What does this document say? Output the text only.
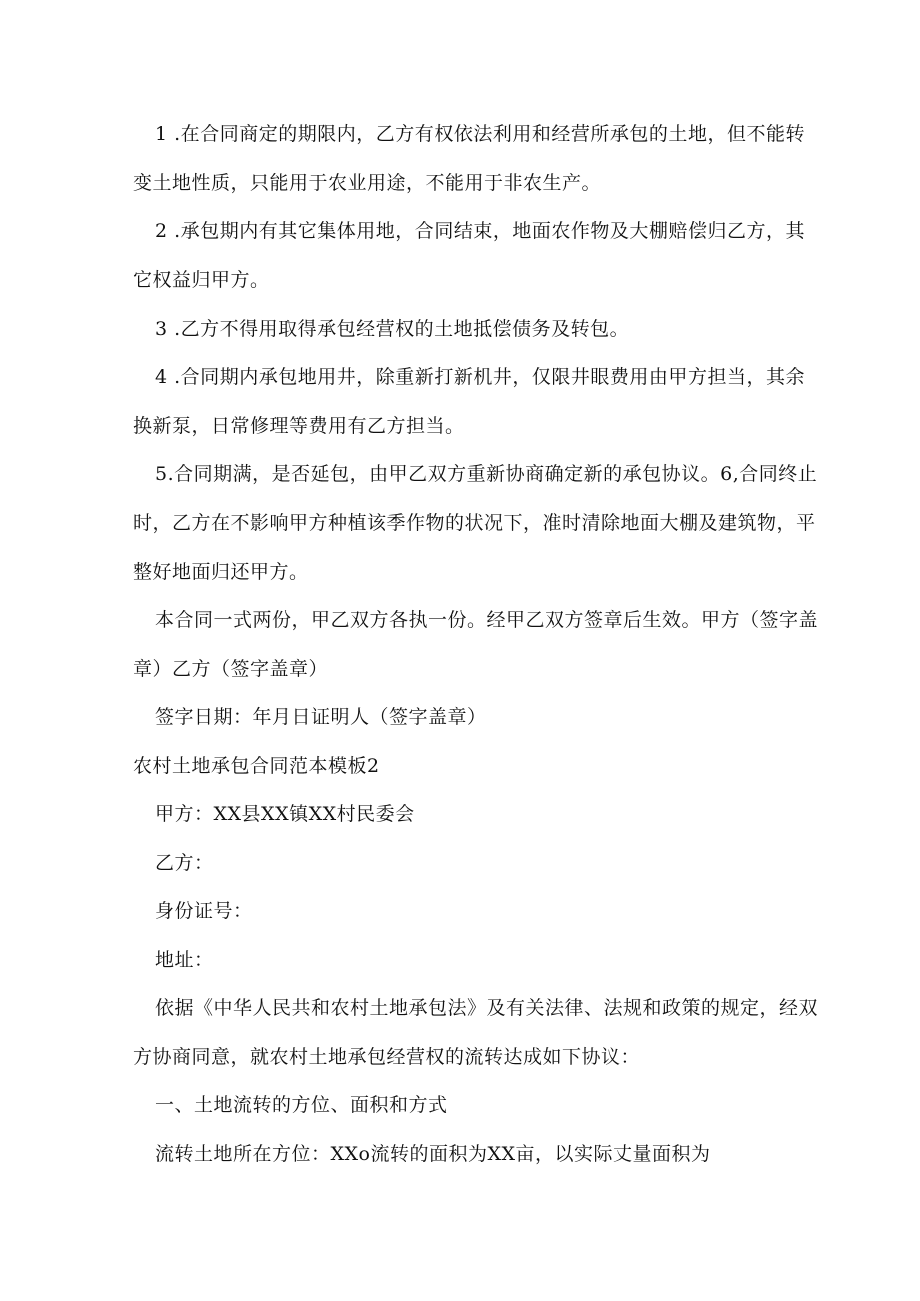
1 .在合同商定的期限内，乙方有权依法利用和经营所承包的土地，但不能转
变土地性质，只能用于农业用途，不能用于非农生产。
2 .承包期内有其它集体用地，合同结束，地面农作物及大棚赔偿归乙方，其
它权益归甲方。
3 .乙方不得用取得承包经营权的土地抵偿债务及转包。
4 .合同期内承包地用井，除重新打新机井，仅限井眼费用由甲方担当，其余
换新泵，日常修理等费用有乙方担当。
5.合同期满，是否延包，由甲乙双方重新协商确定新的承包协议。6,合同终止
时，乙方在不影响甲方种植该季作物的状况下，准时清除地面大棚及建筑物，平
整好地面归还甲方。
本合同一式两份，甲乙双方各执一份。经甲乙双方签章后生效。甲方（签字盖
章）乙方（签字盖章）
签字日期：年月日证明人（签字盖章）
农村土地承包合同范本模板2
甲方：XX县XX镇XX村民委会
乙方：
身份证号：
地址：
依据《中华人民共和农村土地承包法》及有关法律、法规和政策的规定，经双
方协商同意，就农村土地承包经营权的流转达成如下协议：
一、土地流转的方位、面积和方式
流转土地所在方位：XXo流转的面积为XX亩，以实际丈量面积为
